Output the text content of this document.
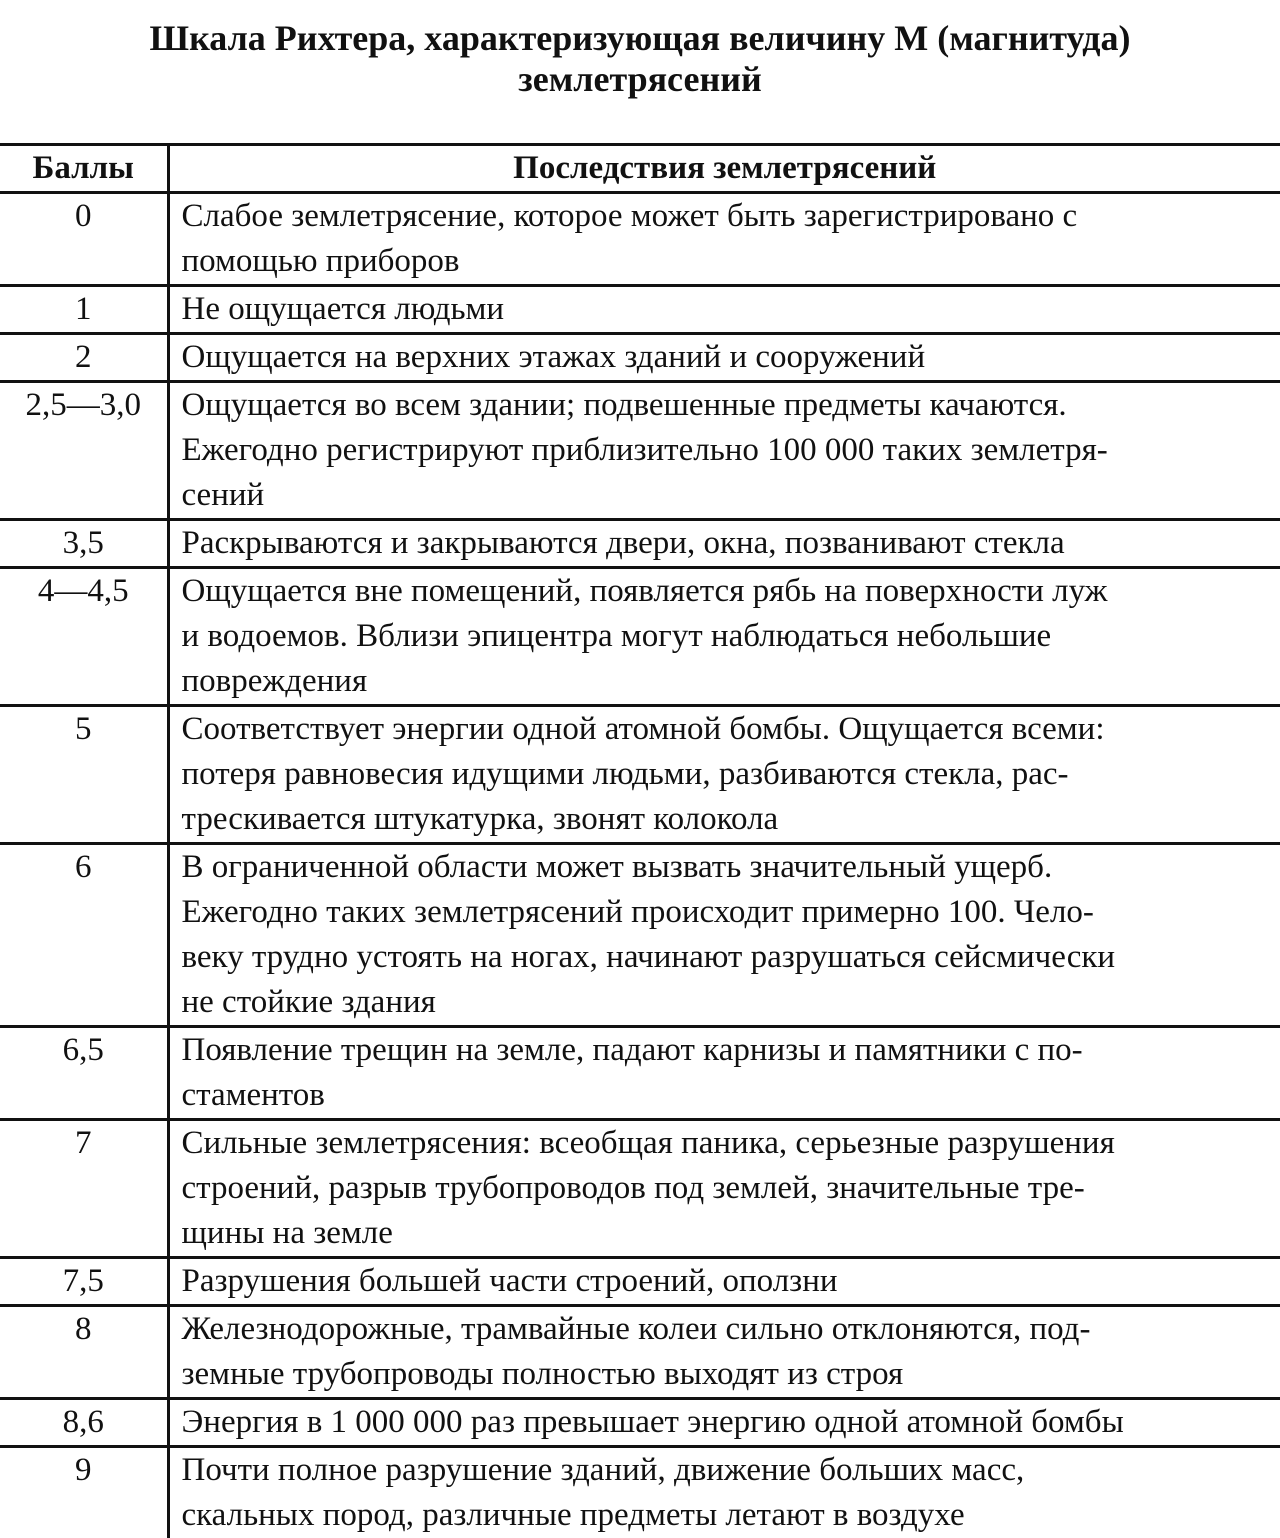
Шкала Рихтера, характеризующая величину М (магнитуда)
землетрясений
Баллы	Последствия землетрясений
0	Слабое землетрясение, которое может быть зарегистрировано с
помощью приборов

1	Не ощущается людьми

2	Ощущается на верхних этажах зданий и сооружений

2,5—3,0	Ощущается во всем здании; подвешенные предметы качаются.
Ежегодно регистрируют приблизительно 100 000 таких землетря-
сений

3,5	Раскрываются и закрываются двери, окна, позванивают стекла

4—4,5	Ощущается вне помещений, появляется рябь на поверхности луж
и водоемов. Вблизи эпицентра могут наблюдаться небольшие
повреждения

5	Соответствует энергии одной атомной бомбы. Ощущается всеми:
потеря равновесия идущими людьми, разбиваются стекла, рас-
трескивается штукатурка, звонят колокола

6	В ограниченной области может вызвать значительный ущерб.
Ежегодно таких землетрясений происходит примерно 100. Чело-
веку трудно устоять на ногах, начинают разрушаться сейсмически
не стойкие здания

6,5	Появление трещин на земле, падают карнизы и памятники с по-
стаментов

7	Сильные землетрясения: всеобщая паника, серьезные разрушения
строений, разрыв трубопроводов под землей, значительные тре-
щины на земле

7,5	Разрушения большей части строений, оползни

8	Железнодорожные, трамвайные колеи сильно отклоняются, под-
земные трубопроводы полностью выходят из строя

8,6	Энергия в 1 000 000 раз превышает энергию одной атомной бомбы

9	Почти полное разрушение зданий, движение больших масс,
скальных пород, различные предметы летают в воздухе
